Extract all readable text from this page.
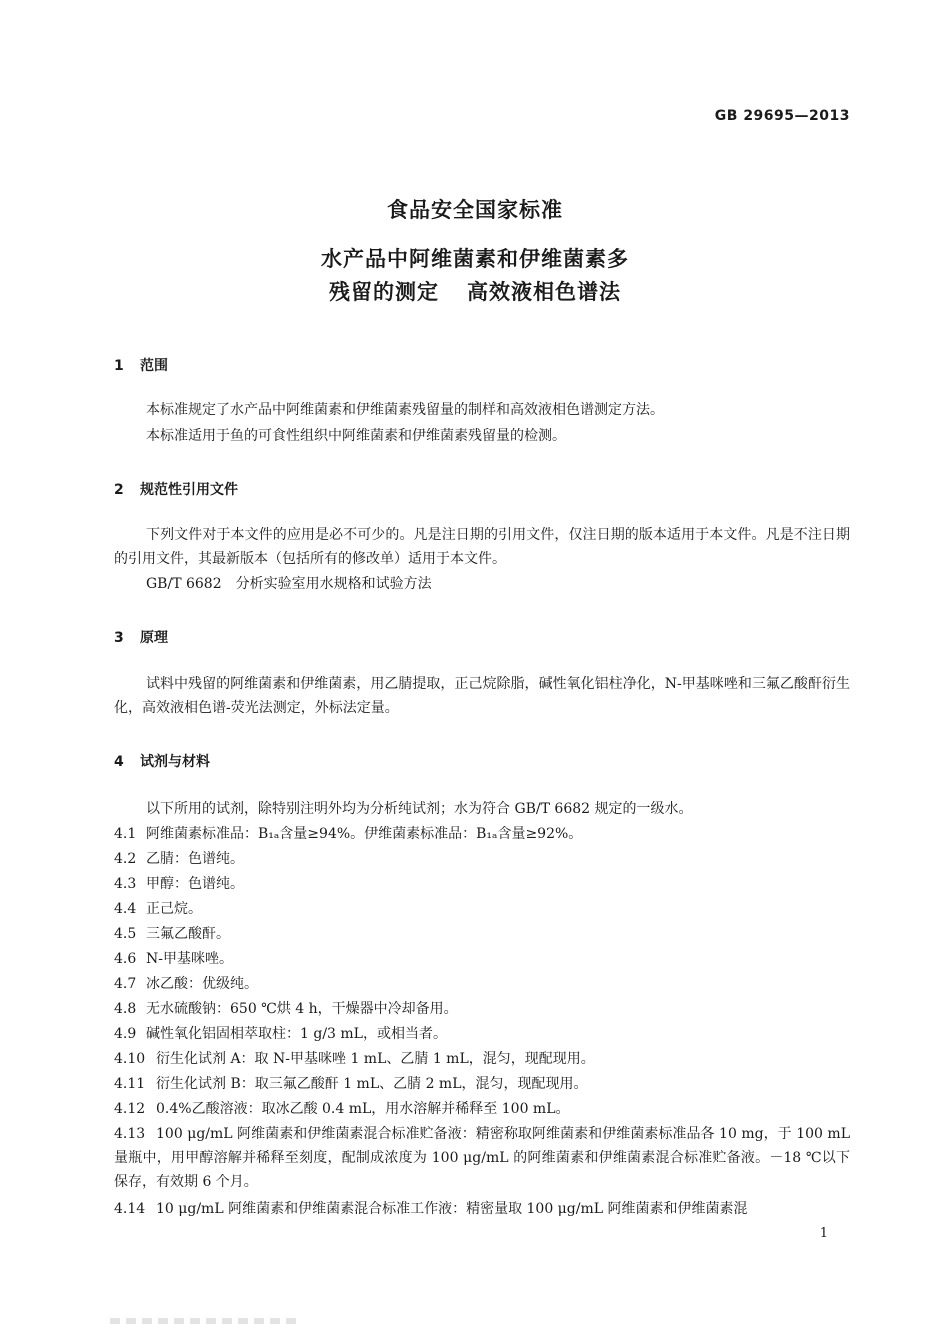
GB 29695—2013
食品安全国家标准
水产品中阿维菌素和伊维菌素多
残留的测定 高效液相色谱法
1 范围
本标准规定了水产品中阿维菌素和伊维菌素残留量的制样和高效液相色谱测定方法。
本标准适用于鱼的可食性组织中阿维菌素和伊维菌素残留量的检测。
2 规范性引用文件
下列文件对于本文件的应用是必不可少的。凡是注日期的引用文件，仅注日期的版本适用于本文件。凡是不注日期的引用文件，其最新版本（包括所有的修改单）适用于本文件。
GB/T 6682　分析实验室用水规格和试验方法
3 原理
试料中残留的阿维菌素和伊维菌素，用乙腈提取，正己烷除脂，碱性氧化铝柱净化，N-甲基咪唑和三氟乙酸酐衍生化，高效液相色谱-荧光法测定，外标法定量。
4 试剂与材料
以下所用的试剂，除特别注明外均为分析纯试剂；水为符合 GB/T 6682 规定的一级水。
4.1 阿维菌素标准品：B₁ₐ含量≥94%。伊维菌素标准品：B₁ₐ含量≥92%。
4.2 乙腈：色谱纯。
4.3 甲醇：色谱纯。
4.4 正己烷。
4.5 三氟乙酸酐。
4.6 N-甲基咪唑。
4.7 冰乙酸：优级纯。
4.8 无水硫酸钠：650 ℃烘 4 h，干燥器中冷却备用。
4.9 碱性氧化铝固相萃取柱：1 g/3 mL，或相当者。
4.10 衍生化试剂 A：取 N-甲基咪唑 1 mL、乙腈 1 mL，混匀，现配现用。
4.11 衍生化试剂 B：取三氟乙酸酐 1 mL、乙腈 2 mL，混匀，现配现用。
4.12 0.4%乙酸溶液：取冰乙酸 0.4 mL，用水溶解并稀释至 100 mL。
4.13 100 μg/mL 阿维菌素和伊维菌素混合标准贮备液：精密称取阿维菌素和伊维菌素标准品各 10 mg，于 100 mL 量瓶中，用甲醇溶解并稀释至刻度，配制成浓度为 100 μg/mL 的阿维菌素和伊维菌素混合标准贮备液。－18 ℃以下保存，有效期 6 个月。
4.14 10 μg/mL 阿维菌素和伊维菌素混合标准工作液：精密量取 100 μg/mL 阿维菌素和伊维菌素混
1
